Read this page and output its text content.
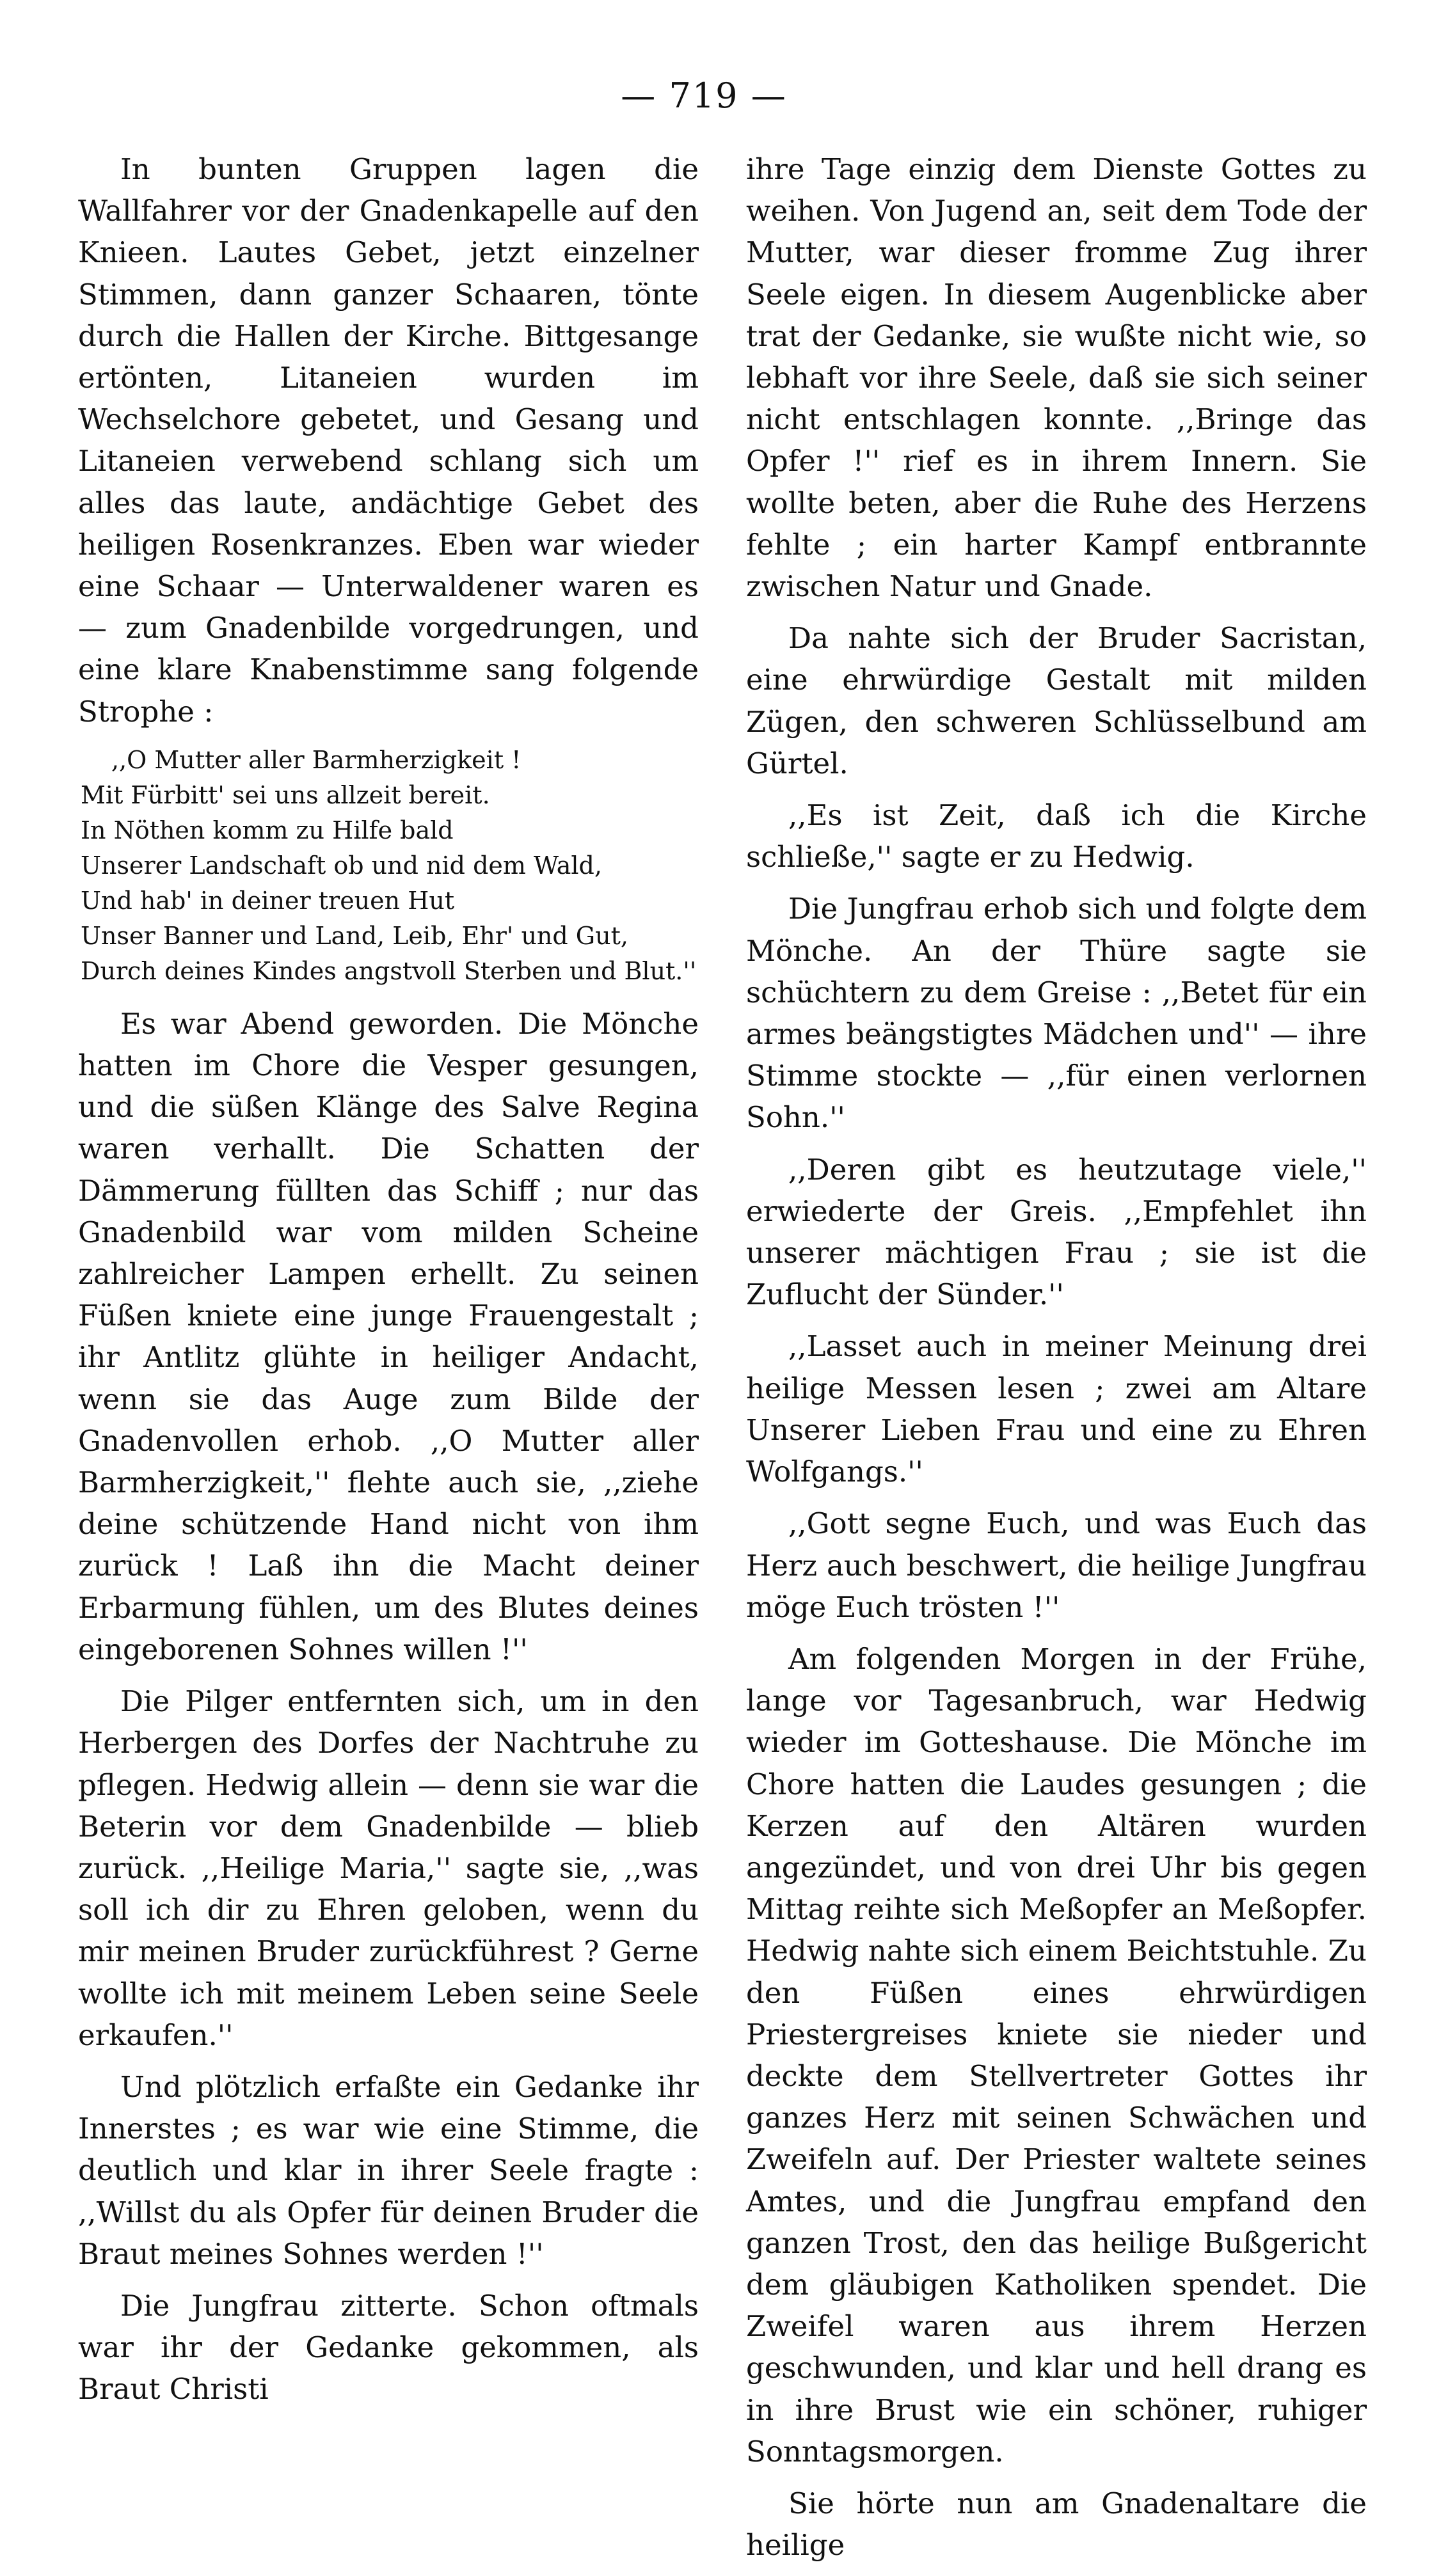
— 719 —

In bunten Gruppen lagen die Wallfahrer vor der Gnadenkapelle auf den Knieen. Lautes Gebet, jetzt einzelner Stimmen, dann ganzer Schaaren, tönte durch die Hallen der Kirche. Bittgesange ertönten, Litaneien wurden im Wechselchore gebetet, und Gesang und Litaneien verwebend schlang sich um alles das laute, andächtige Gebet des heiligen Rosenkranzes. Eben war wieder eine Schaar — Unterwaldener waren es — zum Gnadenbilde vorgedrungen, und eine klare Knabenstimme sang folgende Strophe :

,,O Mutter aller Barmherzigkeit !
Mit Fürbitt' sei uns allzeit bereit.
In Nöthen komm zu Hilfe bald
Unserer Landschaft ob und nid dem Wald,
Und hab' in deiner treuen Hut
Unser Banner und Land, Leib, Ehr' und Gut,
Durch deines Kindes angstvoll Sterben und Blut.''

Es war Abend geworden. Die Mönche hatten im Chore die Vesper gesungen, und die süßen Klänge des Salve Regina waren verhallt. Die Schatten der Dämmerung füllten das Schiff ; nur das Gnadenbild war vom milden Scheine zahlreicher Lampen erhellt. Zu seinen Füßen kniete eine junge Frauengestalt ; ihr Antlitz glühte in heiliger Andacht, wenn sie das Auge zum Bilde der Gnadenvollen erhob. ,,O Mutter aller Barmherzigkeit,'' flehte auch sie, ,,ziehe deine schützende Hand nicht von ihm zurück ! Laß ihn die Macht deiner Erbarmung fühlen, um des Blutes deines eingeborenen Sohnes willen !''

Die Pilger entfernten sich, um in den Herbergen des Dorfes der Nachtruhe zu pflegen. Hedwig allein — denn sie war die Beterin vor dem Gnadenbilde — blieb zurück. ,,Heilige Maria,'' sagte sie, ,,was soll ich dir zu Ehren geloben, wenn du mir meinen Bruder zurückführest ? Gerne wollte ich mit meinem Leben seine Seele erkaufen.''

Und plötzlich erfaßte ein Gedanke ihr Innerstes ; es war wie eine Stimme, die deutlich und klar in ihrer Seele fragte : ,,Willst du als Opfer für deinen Bruder die Braut meines Sohnes werden !''

Die Jungfrau zitterte. Schon oftmals war ihr der Gedanke gekommen, als Braut Christi

ihre Tage einzig dem Dienste Gottes zu weihen. Von Jugend an, seit dem Tode der Mutter, war dieser fromme Zug ihrer Seele eigen. In diesem Augenblicke aber trat der Gedanke, sie wußte nicht wie, so lebhaft vor ihre Seele, daß sie sich seiner nicht entschlagen konnte. ,,Bringe das Opfer !'' rief es in ihrem Innern. Sie wollte beten, aber die Ruhe des Herzens fehlte ; ein harter Kampf entbrannte zwischen Natur und Gnade.

Da nahte sich der Bruder Sacristan, eine ehrwürdige Gestalt mit milden Zügen, den schweren Schlüsselbund am Gürtel.

,,Es ist Zeit, daß ich die Kirche schließe,'' sagte er zu Hedwig.

Die Jungfrau erhob sich und folgte dem Mönche. An der Thüre sagte sie schüchtern zu dem Greise : ,,Betet für ein armes beängstigtes Mädchen und'' — ihre Stimme stockte — ,,für einen verlornen Sohn.''

,,Deren gibt es heutzutage viele,'' erwiederte der Greis. ,,Empfehlet ihn unserer mächtigen Frau ; sie ist die Zuflucht der Sünder.''

,,Lasset auch in meiner Meinung drei heilige Messen lesen ; zwei am Altare Unserer Lieben Frau und eine zu Ehren Wolfgangs.''

,,Gott segne Euch, und was Euch das Herz auch beschwert, die heilige Jungfrau möge Euch trösten !''

Am folgenden Morgen in der Frühe, lange vor Tagesanbruch, war Hedwig wieder im Gotteshause. Die Mönche im Chore hatten die Laudes gesungen ; die Kerzen auf den Altären wurden angezündet, und von drei Uhr bis gegen Mittag reihte sich Meßopfer an Meßopfer. Hedwig nahte sich einem Beichtstuhle. Zu den Füßen eines ehrwürdigen Priestergreises kniete sie nieder und deckte dem Stellvertreter Gottes ihr ganzes Herz mit seinen Schwächen und Zweifeln auf. Der Priester waltete seines Amtes, und die Jungfrau empfand den ganzen Trost, den das heilige Bußgericht dem gläubigen Katholiken spendet. Die Zweifel waren aus ihrem Herzen geschwunden, und klar und hell drang es in ihre Brust wie ein schöner, ruhiger Sonntagsmorgen.

Sie hörte nun am Gnadenaltare die heilige
